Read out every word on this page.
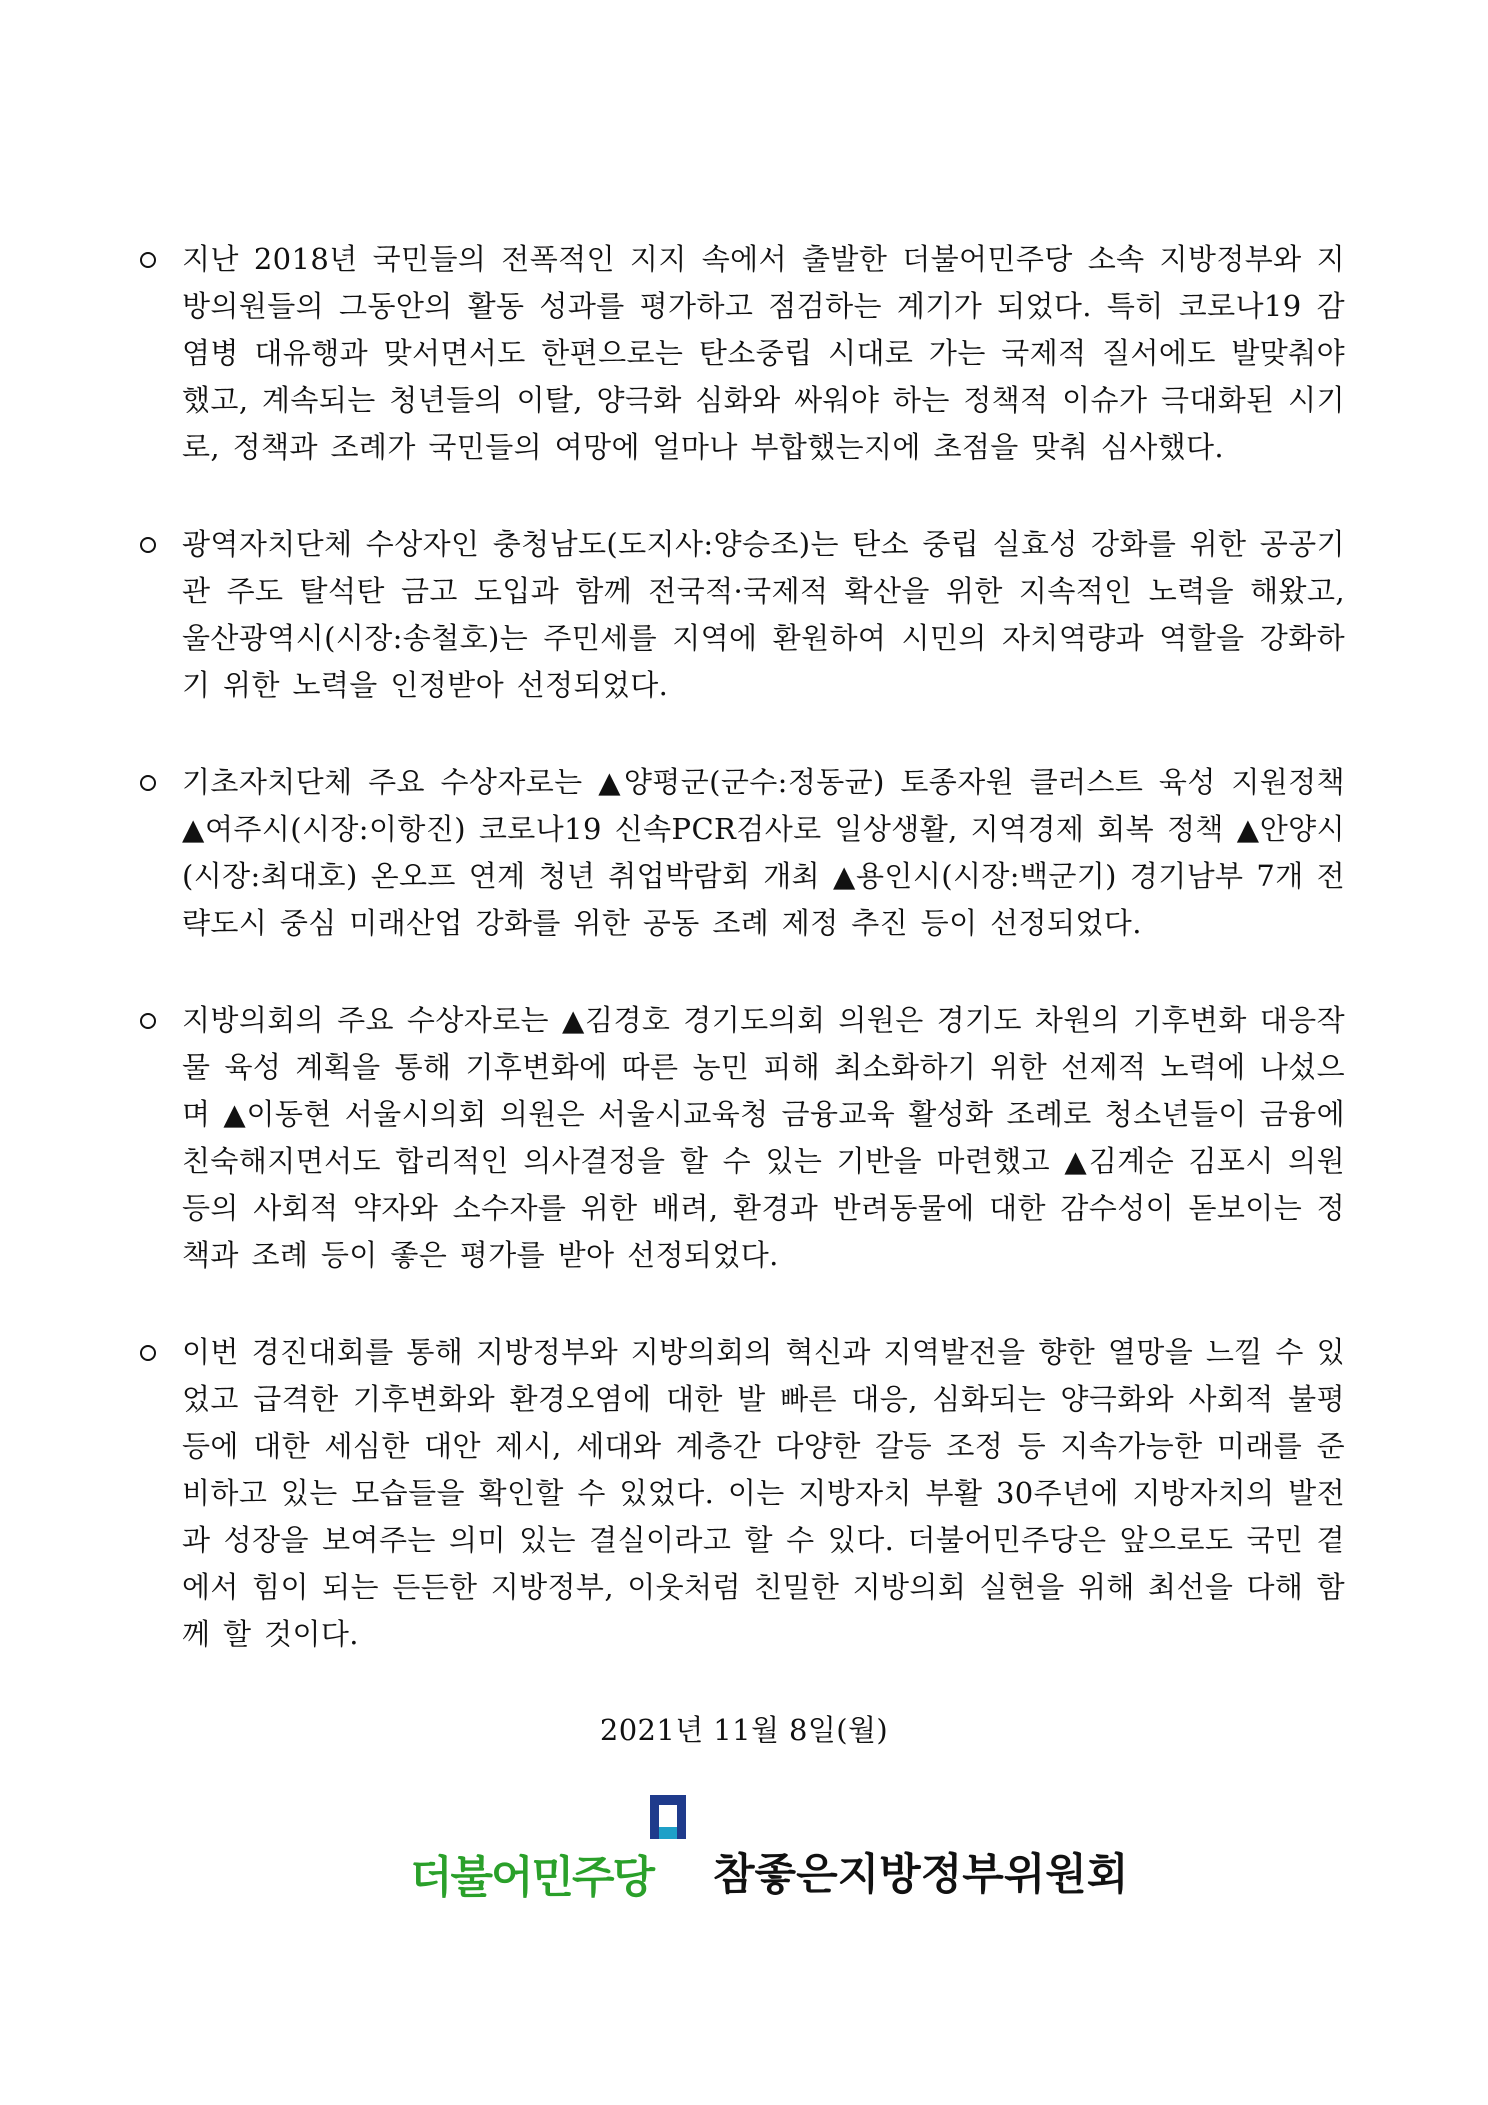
지난 2018년 국민들의 전폭적인 지지 속에서 출발한 더불어민주당 소속 지방정부와 지방의원들의 그동안의 활동 성과를 평가하고 점검하는 계기가 되었다. 특히 코로나19 감염병 대유행과 맞서면서도 한편으로는 탄소중립 시대로 가는 국제적 질서에도 발맞춰야 했고, 계속되는 청년들의 이탈, 양극화 심화와 싸워야 하는 정책적 이슈가 극대화된 시기로, 정책과 조례가 국민들의 여망에 얼마나 부합했는지에 초점을 맞춰 심사했다.
광역자치단체 수상자인 충청남도(도지사:양승조)는 탄소 중립 실효성 강화를 위한 공공기관 주도 탈석탄 금고 도입과 함께 전국적·국제적 확산을 위한 지속적인 노력을 해왔고, 울산광역시(시장:송철호)는 주민세를 지역에 환원하여 시민의 자치역량과 역할을 강화하기 위한 노력을 인정받아 선정되었다.
기초자치단체 주요 수상자로는 ▲양평군(군수:정동균) 토종자원 클러스트 육성 지원정책 ▲여주시(시장:이항진) 코로나19 신속PCR검사로 일상생활, 지역경제 회복 정책 ▲안양시(시장:최대호) 온오프 연계 청년 취업박람회 개최 ▲용인시(시장:백군기) 경기남부 7개 전략도시 중심 미래산업 강화를 위한 공동 조례 제정 추진 등이 선정되었다.
지방의회의 주요 수상자로는 ▲김경호 경기도의회 의원은 경기도 차원의 기후변화 대응작물 육성 계획을 통해 기후변화에 따른 농민 피해 최소화하기 위한 선제적 노력에 나섰으며 ▲이동현 서울시의회 의원은 서울시교육청 금융교육 활성화 조례로 청소년들이 금융에 친숙해지면서도 합리적인 의사결정을 할 수 있는 기반을 마련했고 ▲김계순 김포시 의원 등의 사회적 약자와 소수자를 위한 배려, 환경과 반려동물에 대한 감수성이 돋보이는 정책과 조례 등이 좋은 평가를 받아 선정되었다.
이번 경진대회를 통해 지방정부와 지방의회의 혁신과 지역발전을 향한 열망을 느낄 수 있었고 급격한 기후변화와 환경오염에 대한 발 빠른 대응, 심화되는 양극화와 사회적 불평등에 대한 세심한 대안 제시, 세대와 계층간 다양한 갈등 조정 등 지속가능한 미래를 준비하고 있는 모습들을 확인할 수 있었다. 이는 지방자치 부활 30주년에 지방자치의 발전과 성장을 보여주는 의미 있는 결실이라고 할 수 있다. 더불어민주당은 앞으로도 국민 곁에서 힘이 되는 든든한 지방정부, 이웃처럼 친밀한 지방의회 실현을 위해 최선을 다해 함께 할 것이다.
2021년 11월 8일(월)
더불어민주당 참좋은지방정부위원회
